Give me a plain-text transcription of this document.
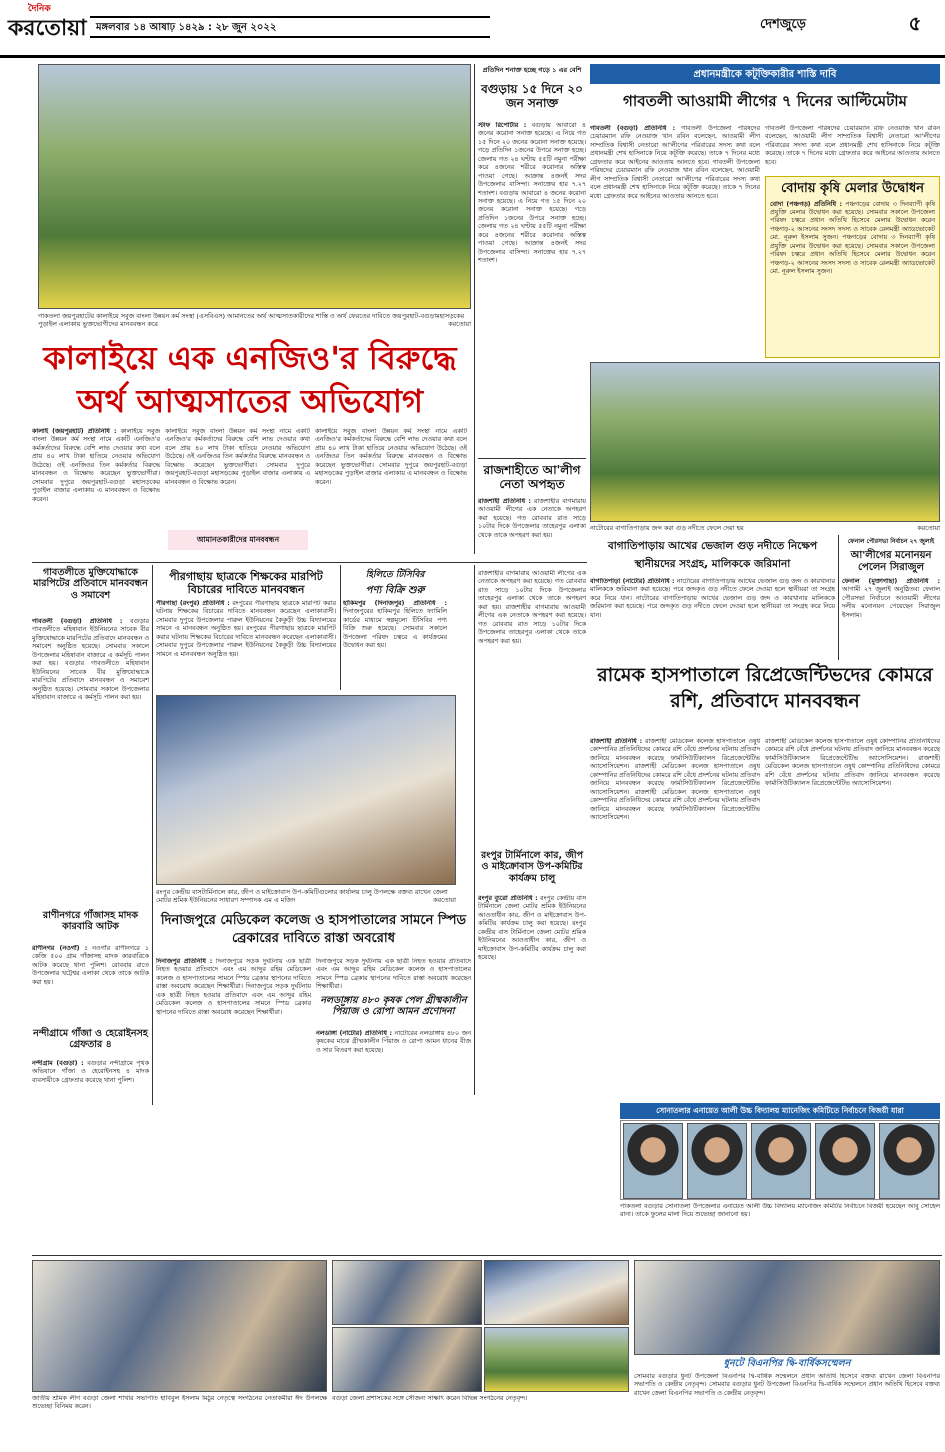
দৈনিক
করতোয়া মঙ্গলবার ১৪ আষাঢ় ১৪২৯ : ২৮ জুন ২০২২	দেশজুড়ে	৫
গাকতলা জয়পুরহাটের কালাইয়ে সবুজ বাংলা উন্নয়ন কর্ম সংস্থা (এসবিএস) আমানতের অর্থ আত্মসাতকারীদের শাস্তি ও অর্থ ফেরতের দাবিতে জয়পুরহাট-বগুড়ামহাসড়কের পুড়াইল এলাকায় ভুক্তভোগীদের মানববন্ধন করে	করতোয়া
কালাইয়ে এক এনজিও'র বিরুদ্ধে
অর্থ আত্মসাতের অভিযোগ
কালাই (জয়পুরহাট) প্রতিনিধি : কালাইয়ে সবুজ বাংলা উন্নয়ন কর্ম সংস্থা নামে একটি এনজিও'র কর্মকর্তাদের বিরুদ্ধে বেশি লাভ দেওয়ার কথা বলে প্রায় ৪০ লাখ টাকা হাতিয়ে নেওয়ার অভিযোগ উঠেছে। ওই এনজিওর তিন কর্মকর্তার বিরুদ্ধে মানববন্ধন ও বিক্ষোভ করেছেন ভুক্তভোগীরা। সোমবার দুপুরে জয়পুরহাট-বগুড়া মহাসড়কের পুড়াইল বাজার এলাকায় এ মানববন্ধন ও বিক্ষোভ করেন।
কালাইয়ে সবুজ বাংলা উন্নয়ন কর্ম সংস্থা নামে একটি এনজিও'র কর্মকর্তাদের বিরুদ্ধে বেশি লাভ দেওয়ার কথা বলে প্রায় ৪০ লাখ টাকা হাতিয়ে নেওয়ার অভিযোগ উঠেছে। ওই এনজিওর তিন কর্মকর্তার বিরুদ্ধে মানববন্ধন ও বিক্ষোভ করেছেন ভুক্তভোগীরা। সোমবার দুপুরে জয়পুরহাট-বগুড়া মহাসড়কের পুড়াইল বাজার এলাকায় এ মানববন্ধন ও বিক্ষোভ করেন।
আমানতকারীদের মানববন্ধন
কালাইয়ে সবুজ বাংলা উন্নয়ন কর্ম সংস্থা নামে একটি এনজিও'র কর্মকর্তাদের বিরুদ্ধে বেশি লাভ দেওয়ার কথা বলে প্রায় ৪০ লাখ টাকা হাতিয়ে নেওয়ার অভিযোগ উঠেছে। ওই এনজিওর তিন কর্মকর্তার বিরুদ্ধে মানববন্ধন ও বিক্ষোভ করেছেন ভুক্তভোগীরা। সোমবার দুপুরে জয়পুরহাট-বগুড়া মহাসড়কের পুড়াইল বাজার এলাকায় এ মানববন্ধন ও বিক্ষোভ করেন।
প্রতিদিন শনাক্ত হচ্ছে গড়ে ১ এর বেশি
বগুড়ায় ১৫ দিনে ২০ জন সনাক্ত
স্টাফ রিপোর্টার : বগুড়ায় আবারো ৪ জনের করোনা সনাক্ত হয়েছে। এ নিয়ে গত ১৫ দিনে ২০ জনের করোনা সনাক্ত হয়েছে। গড়ে প্রতিদিন ১জনের উপরে সনাক্ত হচ্ছে। জেলায় গত ২৪ ঘণ্টায় ৫৫টি নমুনা পরীক্ষা করে ৪জনের শরীরে করোনার অস্তিত্ব পাওয়া গেছে। আক্রান্ত ৪জনই সদর উপজেলার বাসিন্দা। সনাক্তের হার ৭.২৭ শতাংশ। বগুড়ায় আবারো ৪ জনের করোনা সনাক্ত হয়েছে। এ নিয়ে গত ১৫ দিনে ২০ জনের করোনা সনাক্ত হয়েছে। গড়ে প্রতিদিন ১জনের উপরে সনাক্ত হচ্ছে। জেলায় গত ২৪ ঘণ্টায় ৫৫টি নমুনা পরীক্ষা করে ৪জনের শরীরে করোনার অস্তিত্ব পাওয়া গেছে। আক্রান্ত ৪জনই সদর উপজেলার বাসিন্দা। সনাক্তের হার ৭.২৭ শতাংশ।
রাজশাহীতে আ'লীগ নেতা অপহৃত
রাজশাহী প্রতিনিধি : রাজশাহীর বাগমারায় আওয়ামী লীগের এক নেতাকে অপহরণ করা হয়েছে। গত রোববার রাত সাড়ে ১০টার দিকে উপজেলার তাহেরপুর এলাকা থেকে তাকে অপহরণ করা হয়।
প্রধানমন্ত্রীকে কটূক্তিকারীর শাস্তি দাবি
গাবতলী আওয়ামী লীগের ৭ দিনের আল্টিমেটাম
গাবতলী (বগুড়া) প্রতিনিধি : গাবতলী উপজেলা পরিষদের চেয়ারম্যান রফি নেওয়াজ খান রবিন বলেছেন, আওয়ামী লীগ সাম্প্রতিক বিশ্বাসী নেতারো আ'লীগের পরিবারের সদস্য কথা বলে প্রধানমন্ত্রী শেখ হাসিনাকে নিয়ে কটূক্তি করেছে। তাকে ৭ দিনের মধ্যে গ্রেফতার করে আইনের আওতায় আনতে হবে। গাবতলী উপজেলা পরিষদের চেয়ারম্যান রফি নেওয়াজ খান রবিন বলেছেন, আওয়ামী লীগ সাম্প্রতিক বিশ্বাসী নেতারো আ'লীগের পরিবারের সদস্য কথা বলে প্রধানমন্ত্রী শেখ হাসিনাকে নিয়ে কটূক্তি করেছে। তাকে ৭ দিনের মধ্যে গ্রেফতার করে আইনের আওতায় আনতে হবে।
গাবতলী উপজেলা পরিষদের চেয়ারম্যান রফি নেওয়াজ খান রবিন বলেছেন, আওয়ামী লীগ সাম্প্রতিক বিশ্বাসী নেতারো আ'লীগের পরিবারের সদস্য কথা বলে প্রধানমন্ত্রী শেখ হাসিনাকে নিয়ে কটূক্তি করেছে। তাকে ৭ দিনের মধ্যে গ্রেফতার করে আইনের আওতায় আনতে হবে।
বোদায় কৃষি মেলার উদ্বোধন
বোদা (পঞ্চগড়) প্রতিনিধি : পঞ্চগড়ের বোদায় ৩ দিনব্যাপী কৃষি প্রযুক্তি মেলার উদ্বোধন করা হয়েছে। সোমবার সকালে উপজেলা পরিষদ চত্বরে প্রধান অতিথি হিসেবে মেলার উদ্বোধন করেন পঞ্চগড়-২ আসনের সংসদ সদস্য ও সাবেক রেলমন্ত্রী অ্যাডভোকেট মো. নূরুল ইসলাম সুজন। পঞ্চগড়ের বোদায় ৩ দিনব্যাপী কৃষি প্রযুক্তি মেলার উদ্বোধন করা হয়েছে। সোমবার সকালে উপজেলা পরিষদ চত্বরে প্রধান অতিথি হিসেবে মেলার উদ্বোধন করেন পঞ্চগড়-২ আসনের সংসদ সদস্য ও সাবেক রেলমন্ত্রী অ্যাডভোকেট মো. নূরুল ইসলাম সুজন।
নাটোরের বাগাতিপাড়ায় জব্দ করা গুড় নদীতে ফেলে দেয়া হয়	করতোয়া
বাগাতিপাড়ায় আখের ভেজাল গুড় নদীতে নিক্ষেপ
স্থানীয়দের সংগ্রহ, মালিককে জরিমানা
বাগাতিপাড়া (নাটোর) প্রতিনিধি : নাটোরের বাগাতিপাড়ায় আখের ভেজাল গুড় জব্দ ও কারখানার মালিককে জরিমানা করা হয়েছে। পরে জব্দকৃত গুড় নদীতে ফেলে দেওয়া হলে স্থানীয়রা তা সংগ্রহ করে নিয়ে যান। নাটোরের বাগাতিপাড়ায় আখের ভেজাল গুড় জব্দ ও কারখানার মালিককে জরিমানা করা হয়েছে। পরে জব্দকৃত গুড় নদীতে ফেলে দেওয়া হলে স্থানীয়রা তা সংগ্রহ করে নিয়ে যান।
ফেনাল পৌরসভা নির্বাচন ২৭ জুলাই
আ'লীগের মনোনয়ন পেলেন সিরাজুল
ফেনাল (মুক্তাগাছা) প্রতিনিধি : আগামী ২৭ জুলাই অনুষ্ঠিতব্য ফেনাল পৌরসভা নির্বাচনে আওয়ামী লীগের দলীয় মনোনয়ন পেয়েছেন সিরাজুল ইসলাম।
রামেক হাসপাতালে রিপ্রেজেন্টিভদের কোমরে রশি, প্রতিবাদে মানববন্ধন
রাজশাহী প্রতিনিধি : রাজশাহী মেডিকেল কলেজ হাসপাতালে ওষুধ কোম্পানির প্রতিনিধিদের কোমরে রশি বেঁধে প্রদর্শনের ঘটনায় প্রতিবাদ জানিয়ে মানববন্ধন করেছে ফার্মাসিউটিক্যালস রিপ্রেজেন্টেটিভ অ্যাসোসিয়েশন। রাজশাহী মেডিকেল কলেজ হাসপাতালে ওষুধ কোম্পানির প্রতিনিধিদের কোমরে রশি বেঁধে প্রদর্শনের ঘটনায় প্রতিবাদ জানিয়ে মানববন্ধন করেছে ফার্মাসিউটিক্যালস রিপ্রেজেন্টেটিভ অ্যাসোসিয়েশন। রাজশাহী মেডিকেল কলেজ হাসপাতালে ওষুধ কোম্পানির প্রতিনিধিদের কোমরে রশি বেঁধে প্রদর্শনের ঘটনায় প্রতিবাদ জানিয়ে মানববন্ধন করেছে ফার্মাসিউটিক্যালস রিপ্রেজেন্টেটিভ অ্যাসোসিয়েশন।
রাজশাহী মেডিকেল কলেজ হাসপাতালে ওষুধ কোম্পানির প্রতিনিধিদের কোমরে রশি বেঁধে প্রদর্শনের ঘটনায় প্রতিবাদ জানিয়ে মানববন্ধন করেছে ফার্মাসিউটিক্যালস রিপ্রেজেন্টেটিভ অ্যাসোসিয়েশন। রাজশাহী মেডিকেল কলেজ হাসপাতালে ওষুধ কোম্পানির প্রতিনিধিদের কোমরে রশি বেঁধে প্রদর্শনের ঘটনায় প্রতিবাদ জানিয়ে মানববন্ধন করেছে ফার্মাসিউটিক্যালস রিপ্রেজেন্টেটিভ অ্যাসোসিয়েশন।
গাবতলীতে মুক্তিযোদ্ধাকে মারপিটের প্রতিবাদে মানববন্ধন ও সমাবেশ
গাবতলী (বগুড়া) প্রতিনিধি : বগুড়ার গাবতলীতে মহিষাবান ইউনিয়নের সাবেক বীর মুক্তিযোদ্ধাকে মারপিটের প্রতিবাদে মানববন্ধন ও সমাবেশ অনুষ্ঠিত হয়েছে। সোমবার সকালে উপজেলার মহিষাবান বাজারে এ কর্মসূচি পালন করা হয়। বগুড়ার গাবতলীতে মহিষাবান ইউনিয়নের সাবেক বীর মুক্তিযোদ্ধাকে মারপিটের প্রতিবাদে মানববন্ধন ও সমাবেশ অনুষ্ঠিত হয়েছে। সোমবার সকালে উপজেলার মহিষাবান বাজারে এ কর্মসূচি পালন করা হয়।
রাণীনগরে গাঁজাসহ মাদক কারবারি আটক
রাণীনগর (নওগাঁ) : নওগাঁর রাণীনগরে ১ কেজি ৫০০ গ্রাম গাঁজাসহ মাদক কারবারিকে আটক করেছে থানা পুলিশ। রোববার রাতে উপজেলার খট্টেশ্বর এলাকা থেকে তাকে আটক করা হয়।
নন্দীগ্রামে গাঁজা ও হেরোইনসহ গ্রেফতার ৪
নন্দীগ্রাম (বগুড়া) : বগুড়ার নন্দীগ্রামে পৃথক অভিযানে গাঁজা ও হেরোইনসহ ৪ মাদক ব্যবসায়ীকে গ্রেফতার করেছে থানা পুলিশ।
পীরগাছায় ছাত্রকে শিক্ষকের মারপিট বিচারের দাবিতে মানববন্ধন
পীরগাছা (রংপুর) প্রতিনিধি : রংপুরের পীরগাছায় ছাত্রকে মারপিট করার ঘটনায় শিক্ষকের বিচারের দাবিতে মানববন্ধন করেছেন এলাকাবাসী। সোমবার দুপুরে উপজেলার পারুল ইউনিয়নের কৈকুড়ী উচ্চ বিদ্যালয়ের সামনে এ মানববন্ধন অনুষ্ঠিত হয়। রংপুরের পীরগাছায় ছাত্রকে মারপিট করার ঘটনায় শিক্ষকের বিচারের দাবিতে মানববন্ধন করেছেন এলাকাবাসী। সোমবার দুপুরে উপজেলার পারুল ইউনিয়নের কৈকুড়ী উচ্চ বিদ্যালয়ের সামনে এ মানববন্ধন অনুষ্ঠিত হয়।
হিলিতে টিসিবির
পণ্য বিক্রি শুরু
হাকিমপুর (দিনাজপুর) প্রতিনিধি : দিনাজপুরের হাকিমপুর হিলিতে ফ্যামিলি কার্ডের মাধ্যমে স্বল্পমূল্যে টিসিবির পণ্য বিক্রি শুরু হয়েছে। সোমবার সকালে উপজেলা পরিষদ চত্বরে এ কার্যক্রমের উদ্বোধন করা হয়।
রংপুর কেন্দ্রীয় বাসটার্মিনালে কার, জীপ ও মাইক্রোবাস উপ-কমিটিগুলোর কার্যালয় চালু উপলক্ষে বক্তব্য রাখেন জেলা মোটর শ্রমিক ইউনিয়নের সাধারণ সম্পাদক এম এ মজিদ	করতোয়া
রাজশাহীর বাগমারায় আওয়ামী লীগের এক নেতাকে অপহরণ করা হয়েছে। গত রোববার রাত সাড়ে ১০টার দিকে উপজেলার তাহেরপুর এলাকা থেকে তাকে অপহরণ করা হয়। রাজশাহীর বাগমারায় আওয়ামী লীগের এক নেতাকে অপহরণ করা হয়েছে। গত রোববার রাত সাড়ে ১০টার দিকে উপজেলার তাহেরপুর এলাকা থেকে তাকে অপহরণ করা হয়।
রংপুর টার্মিনালে কার, জীপ ও মাইক্রোবাস উপ-কমিটির কার্যক্রম চালু
রংপুর ব্যুরো প্রতিনিধি : রংপুর কেন্দ্রীয় বাস টার্মিনালে জেলা মোটর শ্রমিক ইউনিয়নের আওতাধীন কার, জীপ ও মাইক্রোবাস উপ-কমিটির কার্যক্রম চালু করা হয়েছে। রংপুর কেন্দ্রীয় বাস টার্মিনালে জেলা মোটর শ্রমিক ইউনিয়নের আওতাধীন কার, জীপ ও মাইক্রোবাস উপ-কমিটির কার্যক্রম চালু করা হয়েছে।
দিনাজপুরে মেডিকেল কলেজ ও হাসপাতালের সামনে স্পিড ব্রেকারের দাবিতে রাস্তা অবরোধ
দিনাজপুর প্রতিনিধি : দিনাজপুরে সড়ক দুর্ঘটনায় এক ছাত্রী নিহত হওয়ার প্রতিবাদে এবং এম আব্দুর রহিম মেডিকেল কলেজ ও হাসপাতালের সামনে স্পিড ব্রেকার স্থাপনের দাবিতে রাস্তা অবরোধ করেছেন শিক্ষার্থীরা। দিনাজপুরে সড়ক দুর্ঘটনায় এক ছাত্রী নিহত হওয়ার প্রতিবাদে এবং এম আব্দুর রহিম মেডিকেল কলেজ ও হাসপাতালের সামনে স্পিড ব্রেকার স্থাপনের দাবিতে রাস্তা অবরোধ করেছেন শিক্ষার্থীরা।
দিনাজপুরে সড়ক দুর্ঘটনায় এক ছাত্রী নিহত হওয়ার প্রতিবাদে এবং এম আব্দুর রহিম মেডিকেল কলেজ ও হাসপাতালের সামনে স্পিড ব্রেকার স্থাপনের দাবিতে রাস্তা অবরোধ করেছেন শিক্ষার্থীরা।
নলডাঙ্গায় ৪৮০ কৃষক পেল গ্রীষ্মকালীন পিঁয়াজ ও রোপা আমন প্রণোদনা
নলডাঙ্গা (নাটোর) প্রতিনিধি : নাটোরের নলডাঙ্গায় ৪৮০ জন কৃষকের মাঝে গ্রীষ্মকালীন পিঁয়াজ ও রোপা আমন ধানের বীজ ও সার বিতরণ করা হয়েছে।
সোনাতলার এনায়েত আলী উচ্চ বিদ্যালয় ম্যানেজিং কমিটিতে নির্বাচনে বিজয়ী যারা
গাকতলা বগুড়ার সোনাতলা উপজেলার এনায়েত আলী উচ্চ বিদ্যালয় ম্যানেজিং কমিটির নির্বাচনে বিজয়ী হয়েছেন আবু সোহেল রানা। তাকে ফুলের মালা দিয়ে শুভেচ্ছা জানানো হয়।
জাতীয় শ্রমিক লীগ বগুড়া জেলা শাখার সভাপতি হাবিবুল ইসলাম মিঠুর নেতৃত্বে সংগঠনের নেতাকর্মীরা ঈদ উপলক্ষে শুভেচ্ছা বিনিময় করেন।
বগুড়া জেলা প্রশাসকের সঙ্গে সৌজন্য সাক্ষাৎ করেন বিভিন্ন সংগঠনের নেতৃবৃন্দ।
ধুনটে বিএনপির দ্বি-বার্ষিকসম্মেলন
সোমবার বগুড়ার ধুনট উপজেলা বিএনপির দ্বি-বার্ষিক সম্মেলনে প্রধান অতিথি হিসেবে বক্তব্য রাখেন জেলা বিএনপির সভাপতি ও কেন্দ্রীয় নেতৃবৃন্দ। সোমবার বগুড়ার ধুনট উপজেলা বিএনপির দ্বি-বার্ষিক সম্মেলনে প্রধান অতিথি হিসেবে বক্তব্য রাখেন জেলা বিএনপির সভাপতি ও কেন্দ্রীয় নেতৃবৃন্দ।
